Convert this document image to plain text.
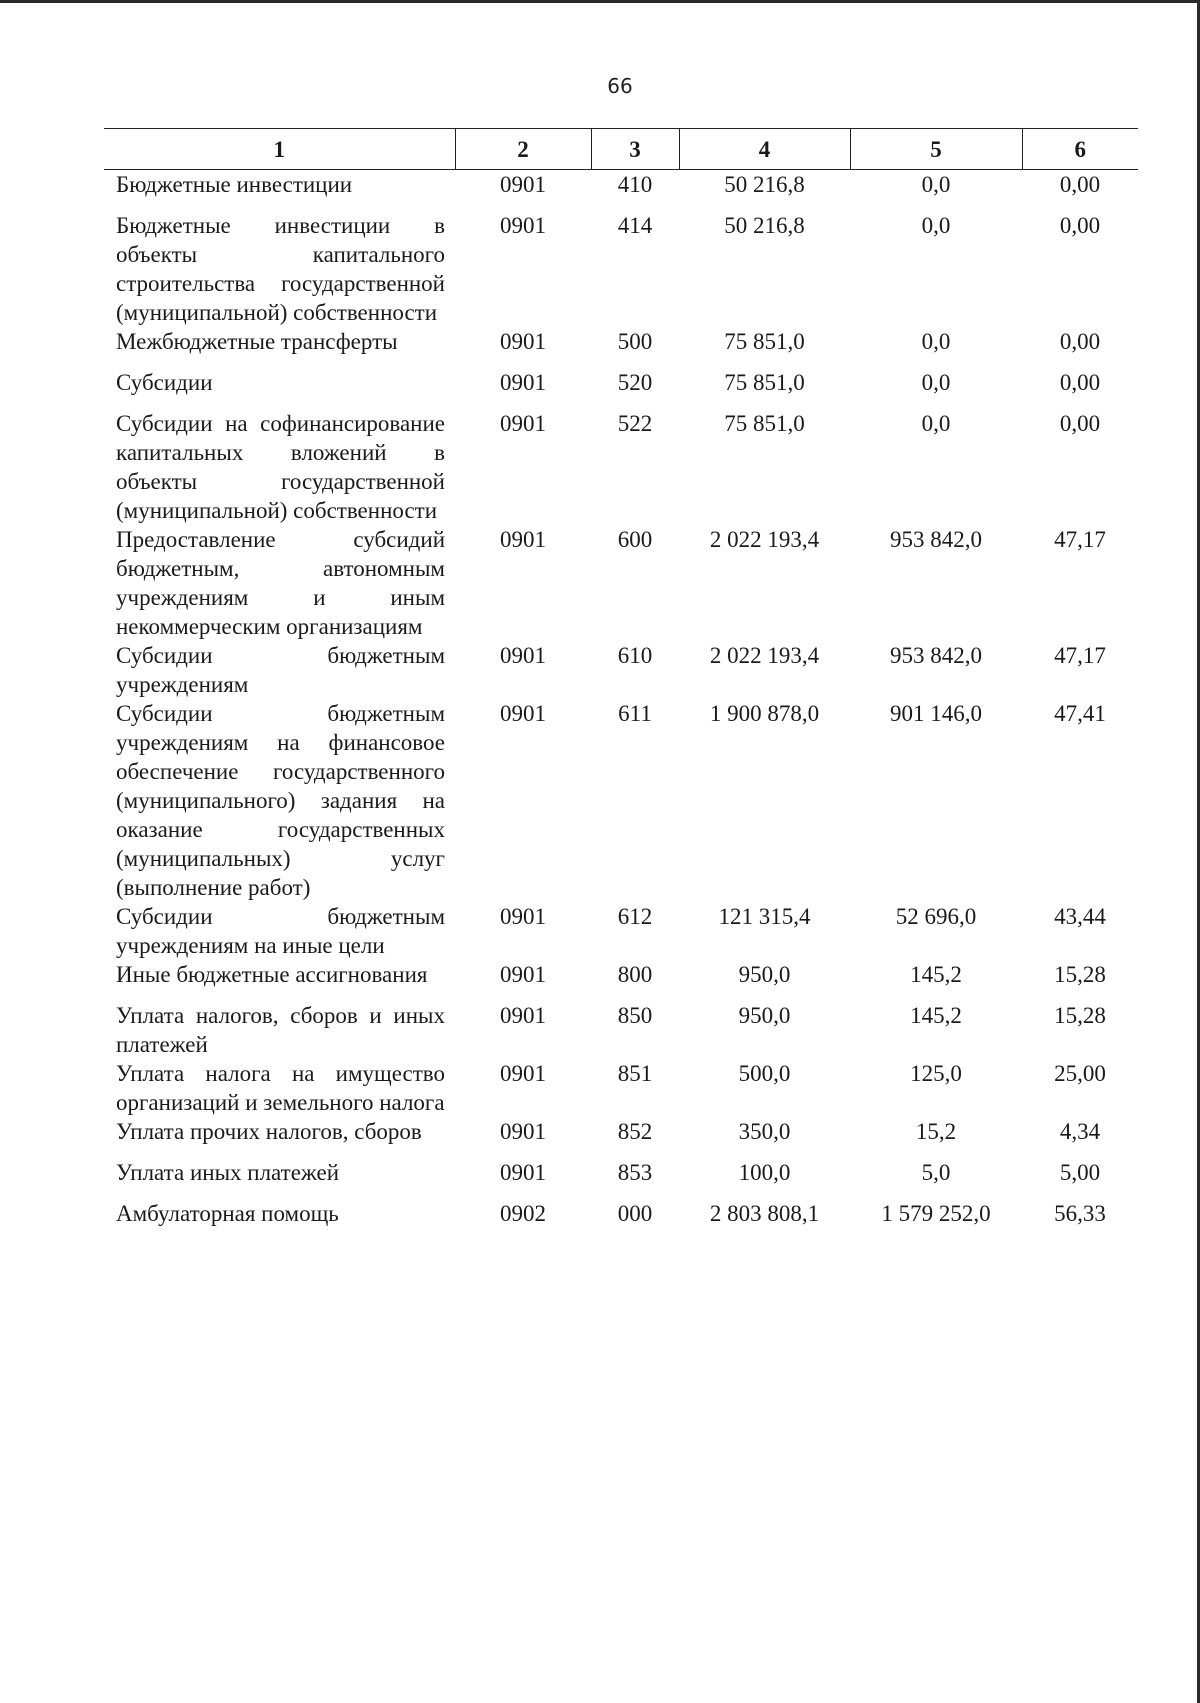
66
1	2	3	4	5	6
Бюджетные инвестиции	0901	410	50 216,8	0,0	0,00
Бюджетные инвестиции в объекты капитального строительства государственной (муниципальной) собственности	0901	414	50 216,8	0,0	0,00
Межбюджетные трансферты	0901	500	75 851,0	0,0	0,00
Субсидии	0901	520	75 851,0	0,0	0,00
Субсидии на софинансирование капитальных вложений в объекты государственной (муниципальной) собственности	0901	522	75 851,0	0,0	0,00
Предоставление субсидий бюджетным, автономным учреждениям и иным некоммерческим организациям	0901	600	2 022 193,4	953 842,0	47,17
Субсидии бюджетным учреждениям	0901	610	2 022 193,4	953 842,0	47,17
Субсидии бюджетным учреждениям на финансовое обеспечение государственного (муниципального) задания на оказание государственных (муниципальных) услуг (выполнение работ)	0901	611	1 900 878,0	901 146,0	47,41
Субсидии бюджетным учреждениям на иные цели	0901	612	121 315,4	52 696,0	43,44
Иные бюджетные ассигнования	0901	800	950,0	145,2	15,28
Уплата налогов, сборов и иных платежей	0901	850	950,0	145,2	15,28
Уплата налога на имущество организаций и земельного налога	0901	851	500,0	125,0	25,00
Уплата прочих налогов, сборов	0901	852	350,0	15,2	4,34
Уплата иных платежей	0901	853	100,0	5,0	5,00
Амбулаторная помощь	0902	000	2 803 808,1	1 579 252,0	56,33
